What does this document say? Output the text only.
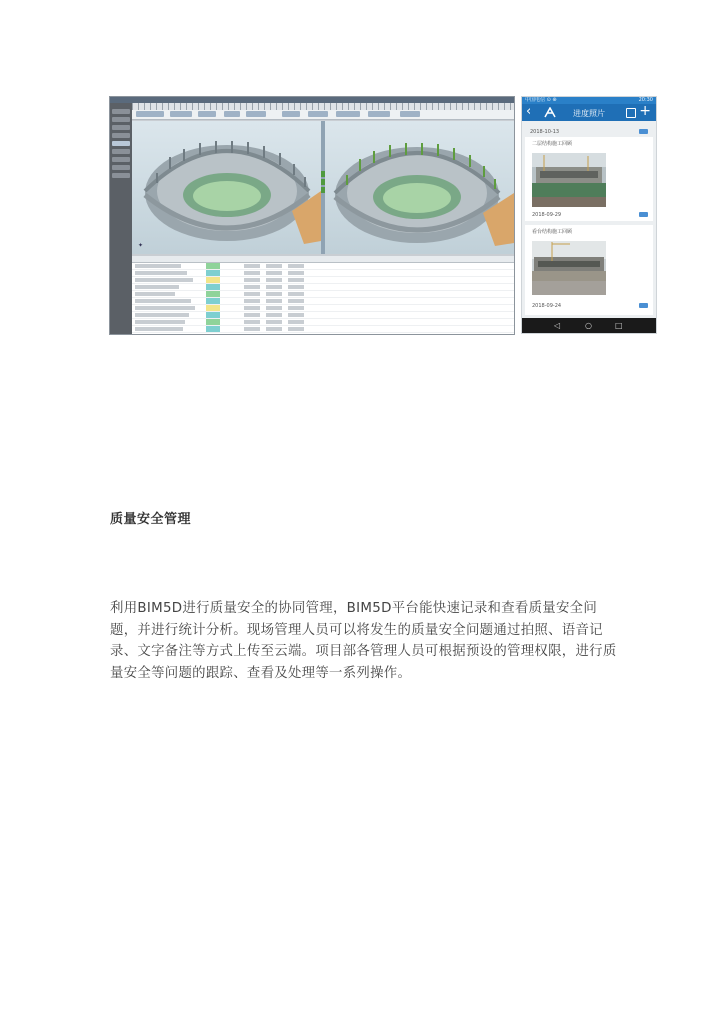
✦
中国电信 ⊙ ⊕	20:30
‹	进度照片	+
2018-10-13
二层结构施工回顾
2018-09-29
看台结构施工回顾
2018-09-24
◁	○	□
质量安全管理

利用BIM5D进行质量安全的协同管理，BIM5D平台能快速记录和查看质量安全问题，并进行统计分析。现场管理人员可以将发生的质量安全问题通过拍照、语音记录、文字备注等方式上传至云端。项目部各管理人员可根据预设的管理权限，进行质量安全等问题的跟踪、查看及处理等一系列操作。
